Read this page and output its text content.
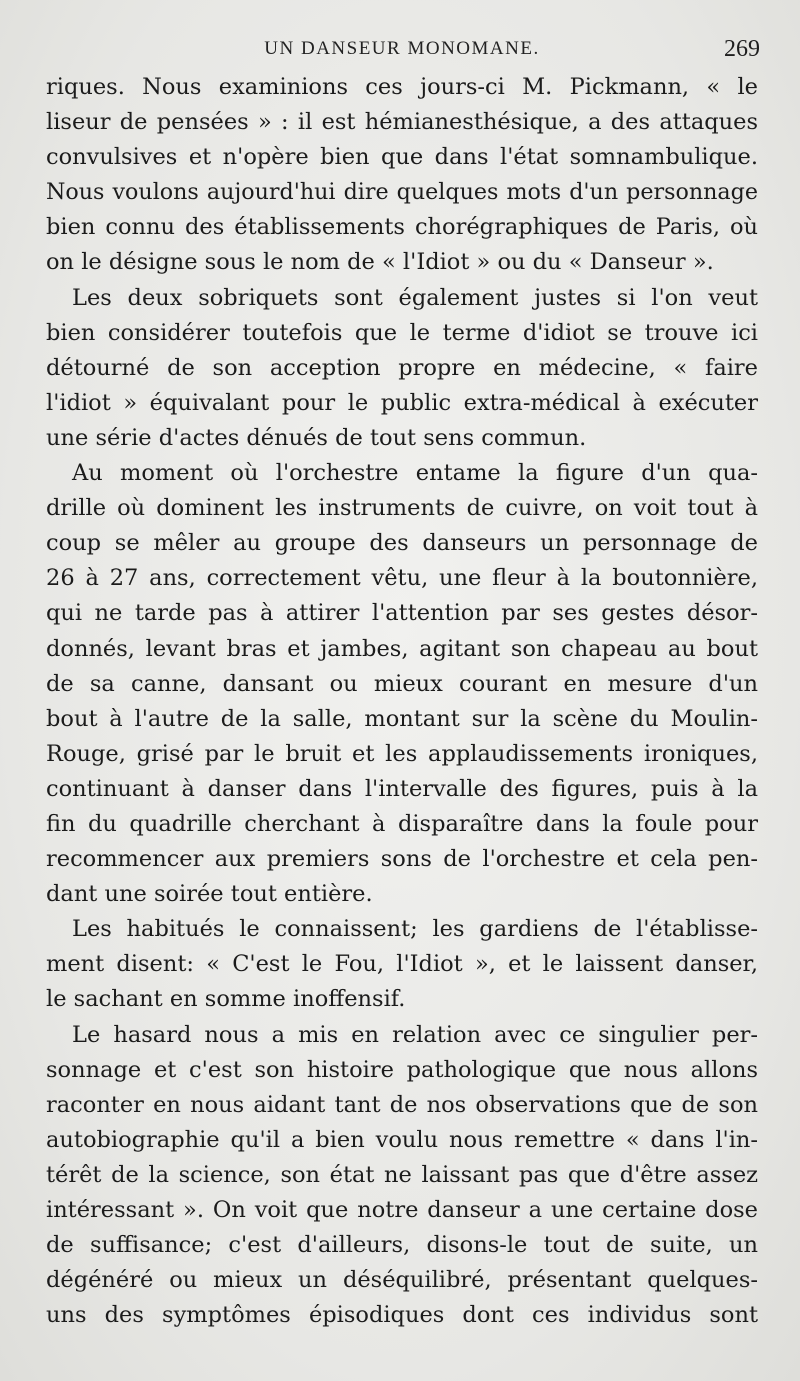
UN DANSEUR MONOMANE.	269
riques. Nous examinions ces jours-ci M. Pickmann, « le
liseur de pensées » : il est hémianesthésique, a des attaques
convulsives et n'opère bien que dans l'état somnambulique.
Nous voulons aujourd'hui dire quelques mots d'un personnage
bien connu des établissements chorégraphiques de Paris, où
on le désigne sous le nom de « l'Idiot » ou du « Danseur ».
Les deux sobriquets sont également justes si l'on veut
bien considérer toutefois que le terme d'idiot se trouve ici
détourné de son acception propre en médecine, « faire
l'idiot » équivalant pour le public extra-médical à exécuter
une série d'actes dénués de tout sens commun.
Au moment où l'orchestre entame la figure d'un qua-
drille où dominent les instruments de cuivre, on voit tout à
coup se mêler au groupe des danseurs un personnage de
26 à 27 ans, correctement vêtu, une fleur à la boutonnière,
qui ne tarde pas à attirer l'attention par ses gestes désor-
donnés, levant bras et jambes, agitant son chapeau au bout
de sa canne, dansant ou mieux courant en mesure d'un
bout à l'autre de la salle, montant sur la scène du Moulin-
Rouge, grisé par le bruit et les applaudissements ironiques,
continuant à danser dans l'intervalle des figures, puis à la
fin du quadrille cherchant à disparaître dans la foule pour
recommencer aux premiers sons de l'orchestre et cela pen-
dant une soirée tout entière.
Les habitués le connaissent; les gardiens de l'établisse-
ment disent: « C'est le Fou, l'Idiot », et le laissent danser,
le sachant en somme inoffensif.
Le hasard nous a mis en relation avec ce singulier per-
sonnage et c'est son histoire pathologique que nous allons
raconter en nous aidant tant de nos observations que de son
autobiographie qu'il a bien voulu nous remettre « dans l'in-
térêt de la science, son état ne laissant pas que d'être assez
intéressant ». On voit que notre danseur a une certaine dose
de suffisance; c'est d'ailleurs, disons-le tout de suite, un
dégénéré ou mieux un déséquilibré, présentant quelques-
uns des symptômes épisodiques dont ces individus sont
